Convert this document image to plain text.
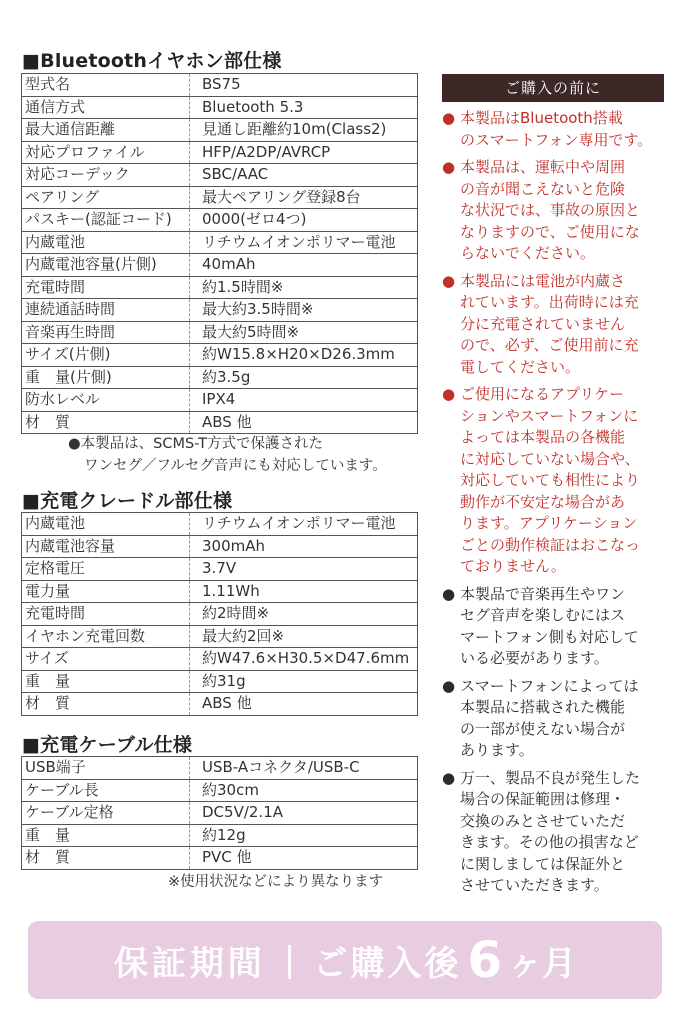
■Bluetoothイヤホン部仕様
型式名	BS75
通信方式	Bluetooth 5.3
最大通信距離	見通し距離約10m(Class2)
対応プロファイル	HFP/A2DP/AVRCP
対応コーデック	SBC/AAC
ペアリング	最大ペアリング登録8台
パスキー(認証コード)	0000(ゼロ4つ)
内蔵電池	リチウムイオンポリマー電池
内蔵電池容量(片側)	40mAh
充電時間	約1.5時間※
連続通話時間	最大約3.5時間※
音楽再生時間	最大約5時間※
サイズ(片側)	約W15.8×H20×D26.3mm
重　量(片側)	約3.5g
防水レベル	IPX4
材　質	ABS 他
●本製品は、SCMS-T方式で保護された
ワンセグ／フルセグ音声にも対応しています。
■充電クレードル部仕様
内蔵電池	リチウムイオンポリマー電池
内蔵電池容量	300mAh
定格電圧	3.7V
電力量	1.11Wh
充電時間	約2時間※
イヤホン充電回数	最大約2回※
サイズ	約W47.6×H30.5×D47.6mm
重　量	約31g
材　質	ABS 他
■充電ケーブル仕様
USB端子	USB-Aコネクタ/USB-C
ケーブル長	約30cm
ケーブル定格	DC5V/2.1A
重　量	約12g
材　質	PVC 他
※使用状況などにより異なります
ご購入の前に
● 本製品はBluetooth搭載
のスマートフォン専用です。
● 本製品は、運転中や周囲
の音が聞こえないと危険
な状況では、事故の原因と
なりますので、ご使用にな
らないでください。
● 本製品には電池が内蔵さ
れています。出荷時には充
分に充電されていません
ので、必ず、ご使用前に充
電してください。
● ご使用になるアプリケー
ションやスマートフォンに
よっては本製品の各機能
に対応していない場合や、
対応していても相性により
動作が不安定な場合があ
ります。アプリケーション
ごとの動作検証はおこなっ
ておりません。
● 本製品で音楽再生やワン
セグ音声を楽しむにはス
マートフォン側も対応して
いる必要があります。
● スマートフォンによっては
本製品に搭載された機能
の一部が使えない場合が
あります。
● 万一、製品不良が発生した
場合の保証範囲は修理・
交換のみとさせていただ
きます。その他の損害など
に関しましては保証外と
させていただきます。
保証期間 | ご購入後 6 ヶ月
